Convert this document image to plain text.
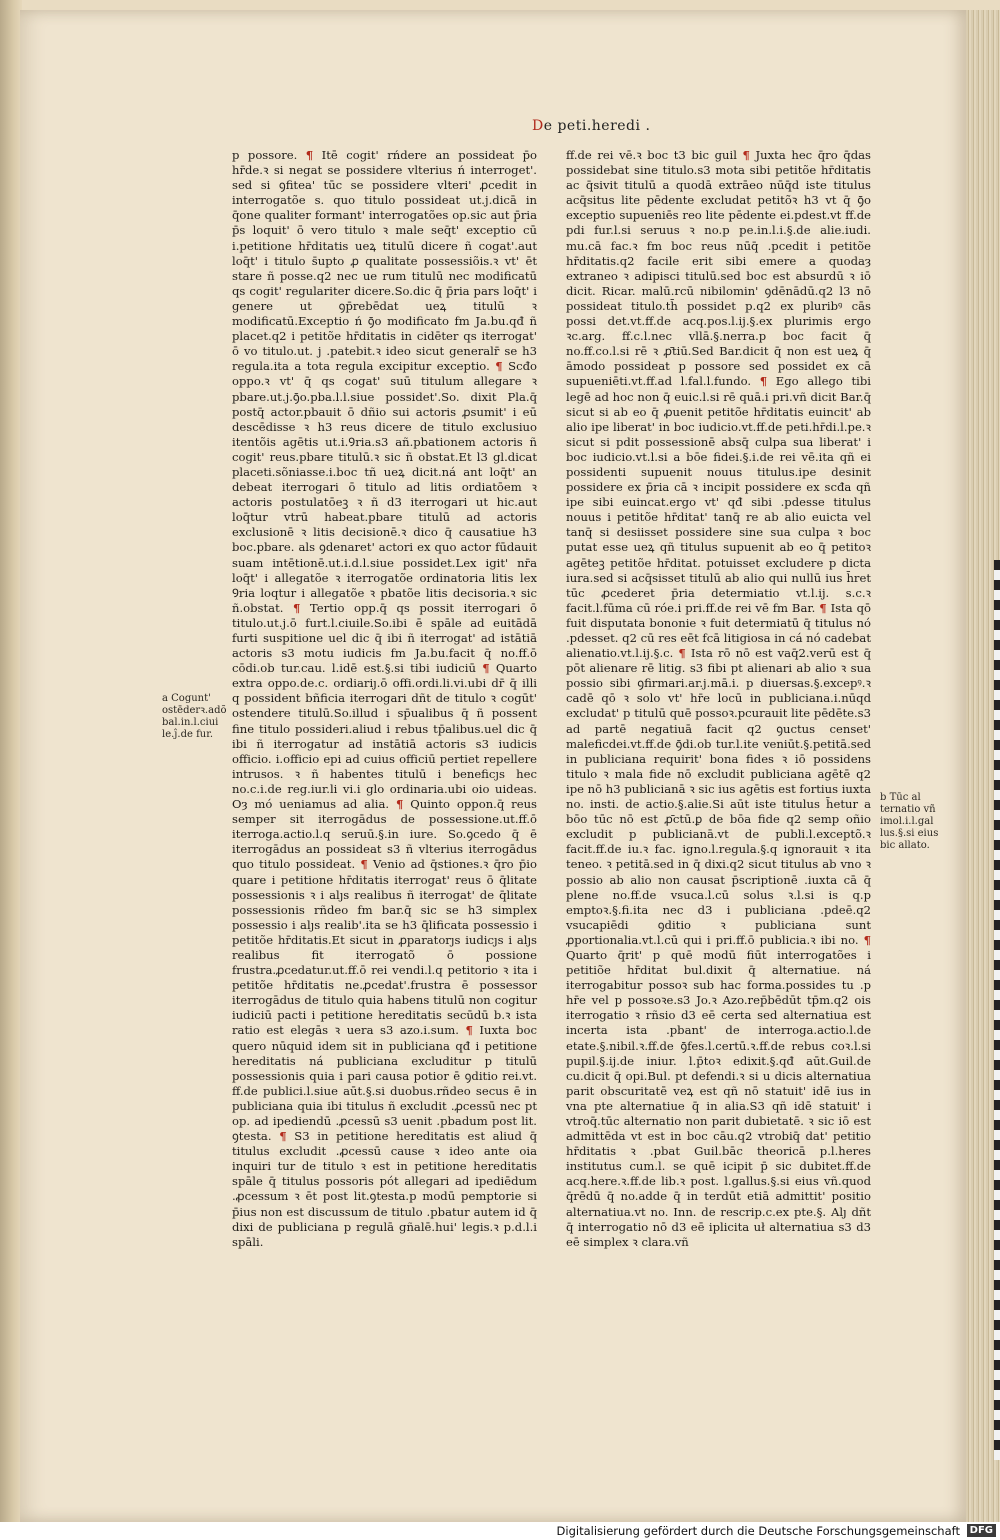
De peti.heredi .

p possore. ¶ Itē cogit' rńdere an possideat p̄o hr̄de.ꝛ si negat se possidere vlterius ń interroget'. sed si ꝯfitea' tūc se possidere vlteri' ꝓcedit in interrogatõe s. quo titulo possideat ut.j.dicā in q̄one qualiter formant' interrogatões op.sic aut p̄ria p̄s loquit' ō vero titulo ꝛ male seq̄t' exceptio cū i.petitione hr̄ditatis ueꝝ titulū dicere ñ cogat'.aut loq̄t' i titulo s̄upto ꝓ qualitate possessiõis.ꝛ vt' ēt stare ñ posse.q2 nec ue rum titulū nec modificatū qs cogit' regulariter dicere.So.dic q̄ p̄ria pars loq̄t' i genere ut ꝯp̄rebēdat ueꝝ titulū ꝛ modificatū.Exceptio ń ꝯ̄o modificato fm Ja.bu.qđ ñ placet.q2 i petitõe hr̄ditatis in cidēter qs iterrogat' ō vo titulo.ut. j .patebit.ꝛ ideo sicut generalr̄ se h3 regula.ita a tota regula excipitur exceptio. ¶ Scđo oppo.ꝛ vt' q̄ qs cogat' suū titulum allegare ꝛ pbare.ut.j.ꝯ̄o.pba.l.l.siue possidet'.So. dixit Pla.q̄ postq̄ actor.pbauit ō dñio sui actoris ꝓsumit' i eū descēdisse ꝛ h3 reus dicere de titulo exclusiuo itentõis agētis ut.i.Ꝯria.s3 añ.pbationem actoris ñ cogit' reus.pbare titulū.ꝛ sic ñ obstat.Et l3 gl.dicat placeti.sõniasse.i.boc tñ ueꝝ dicit.ná ant loq̄t' an debeat iterrogari ō titulo ad litis ordiatōem ꝛ actoris postulatōeꝫ ꝛ ñ d3 iterrogari ut hic.aut loq̄tur vtrū habeat.pbare titulū ad actoris exclusionē ꝛ litis decisionē.ꝛ dico q̄ causatiue h3 boc.pbare. als ꝯdenaret' actori ex quo actor fūdauit suam intētionē.ut.i.d.l.siue possidet.Lex igit' nr̄a loq̄t' i allegatõe ꝛ iterrogatõe ordinatoria litis lex Ꝯria loqtur i allegatõe ꝛ pbatõe litis decisoria.ꝛ sic ñ.obstat. ¶ Tertio opp.q̄ qs possit iterrogari ō titulo.ut.j.ō furt.l.ciuile.So.ibi ē spāle ad euitādā furti suspitione uel dic q̄ ibi ñ iterrogat' ad istātiā actoris s3 motu iudicis fm Ja.bu.facit q̄ no.ff.ō cōdi.ob tur.cau. l.idē est.§.si tibi iudiciū ¶ Quarto extra oppo.de.c. ordiariȷ.ō offi.ordi.li.vi.ubi dr̄ q̄ illi q possident bñficia iterrogari dñt de titulo ꝛ cogūt' ostendere titulū.So.illud i sp̄ualibus q̄ ñ possent fine titulo possideri.aliud i rebus tp̄alibus.uel dic q̄ ibi ñ iterrogatur ad instātiā actoris s3 iudicis officio. i.officio epi ad cuius officiū pertiet repellere intrusos. ꝛ ñ habentes titulū i beneficȷs hec no.c.i.de reg.iur.li vi.i glo ordinaria.ubi oio uideas. Oȝ mó ueniamus ad alia. ¶ Quinto oppon.q̄ reus semper sit iterrogādus de possessione.ut.ff.ō iterroga.actio.l.q seruū.§.in iure. So.ꝯcedo q̄ ē iterrogādus an possideat s3 ñ vlterius iterrogādus quo titulo possideat. ¶ Venio ad q̄stiones.ꝛ q̄ro p̄io quare i petitione hr̄ditatis iterrogat' reus ō q̄litate possessionis ꝛ i alȷs realibus ñ iterrogat' de q̄litate possessionis rñdeo fm bar.q̄ sic se h3 simplex possessio i alȷs realib'.ita se h3 q̄lificata possessio i petitõe hr̄ditatis.Et sicut in ꝓparatorȷs iudicȷs i alȷs realibus fit iterrogatõ ō possione frustra.ꝓcedatur.ut.ff.ō rei vendi.l.q petitorio ꝛ ita i petitõe hr̄ditatis ne.ꝓcedat'.frustra ē possessor iterrogādus de titulo quia habens titulū non cogitur iudiciū pacti i petitione hereditatis secūdū b.ꝛ ista ratio est elegās ꝛ uera s3 azo.i.sum. ¶ Iuxta boc quero nūquid idem sit in publiciana qđ i petitione hereditatis ná publiciana excluditur p titulū possessionis quia i pari causa potior ē ꝯditio rei.vt. ff.de publici.l.siue aūt.§.si duobus.rñdeo secus ē in publiciana quia ibi titulus ñ excludit .ꝓcessū nec pt op. ad ipediendū .ꝓcessū s3 uenit .pbadum post lit. ꝯtesta. ¶ S3 in petitione hereditatis est aliud q̄ titulus excludit .ꝓcessū cause ꝛ ideo ante oia inquiri tur de titulo ꝛ est in petitione hereditatis spāle q̄ titulus possoris pót allegari ad ipediēdum .ꝓcessum ꝛ ēt post lit.ꝯtesta.p modū pemptorie si p̄ius non est discussum de titulo .pbatur autem id q̄ dixi de publiciana p regulā gñalē.hui' legis.ꝛ p.d.l.i spāli.

ff.de rei vē.ꝛ boc t3 bic guil ¶ Juxta hec q̄ro q̄das possidebat sine titulo.s3 mota sibi petitõe hr̄ditatis ac q̄sivit titulū a quodā extrāeo nūq̄d iste titulus acq̄situs lite pēdente excludat petitõꝛ h3 vt q̄ ꝯ̄o exceptio supueniēs reo lite pēdente ei.pdest.vt ff.de pdi fur.l.si seruus ꝛ no.p pe.in.l.i.§.de alie.iudi. mu.cā fac.ꝛ fm boc reus nūq̄ .pcedit i petitõe hr̄ditatis.q2 facile erit sibi emere a quodaȝ extraneo ꝛ adipisci titulū.sed boc est absurdū ꝛ iō dicit. Ricar. malū.rcū nibilomin' ꝯdēnādū.q2 l3 nō possideat titulo.th̄ possidet p.q2 ex pluribꝰ cās possi det.vt.ff.de acq.pos.l.ij.§.ex plurimis ergo ꝛc.arg. ff.c.l.nec vllā.§.nerra.p boc facit q̄ no.ff.co.l.si rē ꝛ ꝓ̄tiū.Sed Bar.dicit q̄ non est ueꝝ q̄ āmodo possideat p possore sed possidet ex cā supueniēti.vt.ff.ad l.fal.l.fundo. ¶ Ego allego tibi legē ad hoc non q̄ euic.l.si rē quā.i pri.vñ dicit Bar.q̄ sicut si ab eo q̄ ꝓuenit petitõe hr̄ditatis euincit' ab alio ipe liberat' in boc iudicio.vt.ff.de peti.hr̄di.l.pe.ꝛ sicut si pdit possessionē absq̄ culpa sua liberat' i boc iudicio.vt.l.si a bōe fidei.§.i.de rei vē.ita qñ ei possidenti supuenit nouus titulus.ipe desinit possidere ex p̄ria cā ꝛ incipit possidere ex scđa qñ ipe sibi euincat.ergo vt' qđ sibi .pdesse titulus nouus i petitõe hr̄ditat' tanq̄ re ab alio euicta vel tanq̄ si desiisset possidere sine sua culpa ꝛ boc putat esse ueꝝ qñ titulus supuenit ab eo q̄ petitoꝛ agēteꝫ petitõe hr̄ditat. potuisset excludere p dicta iura.sed si acq̄sisset titulū ab alio qui nullū ius h̄ret tūc ꝓcederet p̄ria determiatio vt.l.ij. s.c.ꝛ facit.l.fūma cū róe.i pri.ff.de rei vē fm Bar. ¶ Ista qō fuit disputata bononie ꝛ fuit determiatū q̄ titulus nó .pdesset. q2 cū res eēt fcā litigiosa in cá nó cadebat alienatio.vt.l.ij.§.c. ¶ Ista rō nō est vaq̄2.verū est q̄ pōt alienare rē litig. s3 fibi pt alienari ab alio ꝛ sua possio sibi ꝯfirmari.ar.j.mā.i. p diuersas.§.excepꝰ.ꝛ cadē qō ꝛ solo vt' hr̄e locū in publiciana.i.nūqd excludat' p titulū quē possoꝛ.pcurauit lite pēdēte.s3 ad partē negatiuā facit q2 ꝯuctus censet' maleficdei.vt.ff.de ꝯ̄di.ob tur.l.ite veniūt.§.petitā.sed in publiciana requirit' bona fides ꝛ iō possidens titulo ꝛ mala fide nō excludit publiciana agētē q2 ipe nō h3 publicianā ꝛ sic ius agētis est fortius iuxta no. insti. de actio.§.alie.Si aūt iste titulus h̄etur a bōo tūc nō est ꝓ̄ctū.ꝑ de bōa fide q2 semp oñio excludit p publicianā.vt de publi.l.exceptõ.ꝛ facit.ff.de iu.ꝛ fac. igno.l.regula.§.q ignorauit ꝛ ita teneo. ꝛ petitā.sed in q̄ dixi.q2 sicut titulus ab vno ꝛ possio ab alio non causat p̄scriptionē .iuxta cā q̄ plene no.ff.de vsuca.l.cū solus ꝛ.l.si is q.p emptoꝛ.§.fi.ita nec d3 i publiciana .pdeē.q2 vsucapiēdi ꝯditio ꝛ publiciana sunt ꝓportionalia.vt.l.cū qui i pri.ff.ō publicia.ꝛ ibi no. ¶ Quarto q̄rit' p quē modū fiūt interrogatões i petitiõe hr̄ditat bul.dixit q̄ alternatiue. ná iterrogabitur possoꝛ sub hac forma.possides tu .p hr̄e vel p possoꝛe.s3 Jo.ꝛ Azo.rep̄bēdūt tp̄m.q2 ois iterrogatio ꝛ rñsio d3 eē certa sed alternatiua est incerta ista .pbant' de interroga.actio.l.de etate.§.nibil.ꝛ.ff.de ꝯ̄fes.l.certū.ꝛ.ff.de rebus coꝛ.l.si pupil.§.ij.de iniur. l.p̄toꝛ edixit.§.qđ aūt.Guil.de cu.dicit q̄ opi.Bul. pt defendi.ꝛ si u dicis alternatiua parit obscuritatē veꝝ est qñ nō statuit' idē ius in vna pte alternatiue q̄ in alia.S3 qñ idē statuit' i vtroq̄.tūc alternatio non parit dubietatē. ꝛ sic iō est admittēda vt est in boc cāu.q2 vtrobiq̄ dat' petitio hr̄ditatis ꝛ .pbat Guil.bāc theoricā p.l.heres institutus cum.l. se quē icipit p̄ sic dubitet.ff.de acq.here.ꝛ.ff.de lib.ꝛ post. l.gallus.§.si eius vñ.quod q̄rēdū q̄ no.adde q̄ in terdūt etiā admittit' positio alternatiua.vt no. Inn. de rescrip.c.ex pte.§. Alȷ dñt q̄ interrogatio nō d3 eē iplicita uł alternatiua s3 d3 eē simplex ꝛ clara.vñ

a Cogunt'
ostēderꝛ.adõ
bal.in.l.ciui
le.ĵ.de fur.

b Tūc al
ternatio vñ
imol.i.l.gal
lus.§.si eius
bic allato.

Digitalisierung gefördert durch die Deutsche Forschungsgemeinschaft DFG
